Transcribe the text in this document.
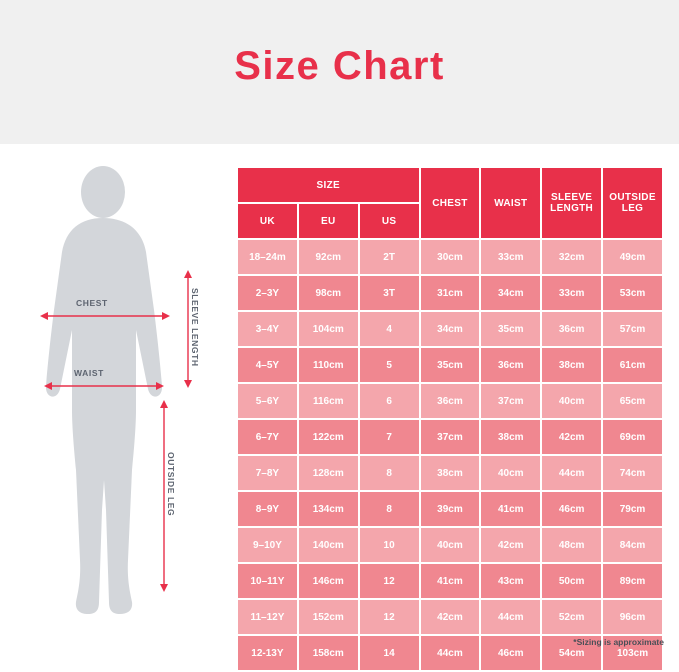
Size Chart
CHEST
WAIST
SLEEVE LENGTH
OUTSIDE LEG
SIZE			CHEST	WAIST	SLEEVE LENGTH	OUTSIDE LEG
UK	EU	US				
18–24m	92cm	2T	30cm	33cm	32cm	49cm
2–3Y	98cm	3T	31cm	34cm	33cm	53cm
3–4Y	104cm	4	34cm	35cm	36cm	57cm
4–5Y	110cm	5	35cm	36cm	38cm	61cm
5–6Y	116cm	6	36cm	37cm	40cm	65cm
6–7Y	122cm	7	37cm	38cm	42cm	69cm
7–8Y	128cm	8	38cm	40cm	44cm	74cm
8–9Y	134cm	8	39cm	41cm	46cm	79cm
9–10Y	140cm	10	40cm	42cm	48cm	84cm
10–11Y	146cm	12	41cm	43cm	50cm	89cm
11–12Y	152cm	12	42cm	44cm	52cm	96cm
12-13Y	158cm	14	44cm	46cm	54cm	103cm
*Sizing is approximate
